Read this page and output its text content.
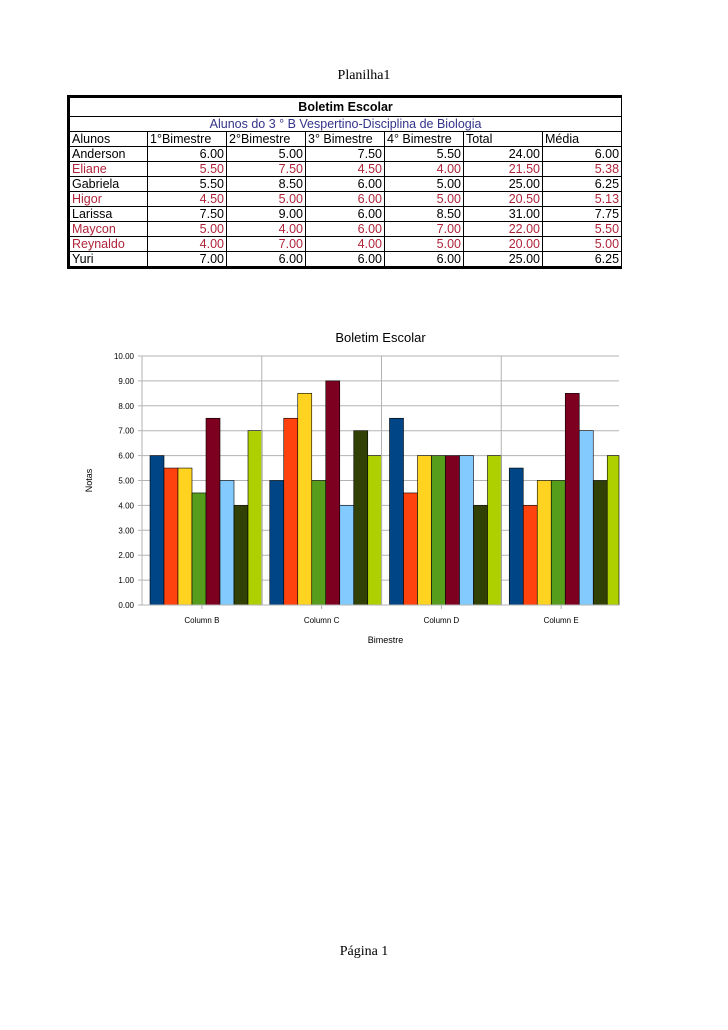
Planilha1
Boletim Escolar						
Alunos do 3 ° B Vespertino-Disciplina de Biologia						
Alunos	1°Bimestre	2°Bimestre	3° Bimestre	4° Bimestre	Total	Média
Anderson	6.00	5.00	7.50	5.50	24.00	6.00
Eliane	5.50	7.50	4.50	4.00	21.50	5.38
Gabriela	5.50	8.50	6.00	5.00	25.00	6.25
Higor	4.50	5.00	6.00	5.00	20.50	5.13
Larissa	7.50	9.00	6.00	8.50	31.00	7.75
Maycon	5.00	4.00	6.00	7.00	22.00	5.50
Reynaldo	4.00	7.00	4.00	5.00	20.00	5.00
Yuri	7.00	6.00	6.00	6.00	25.00	6.25
Boletim Escolar
0.00
1.00
2.00
3.00
4.00
5.00
6.00
7.00
8.00
9.00
10.00
Column B	Column C	Column D	Column E
Bimestre
Notas
Página 1
